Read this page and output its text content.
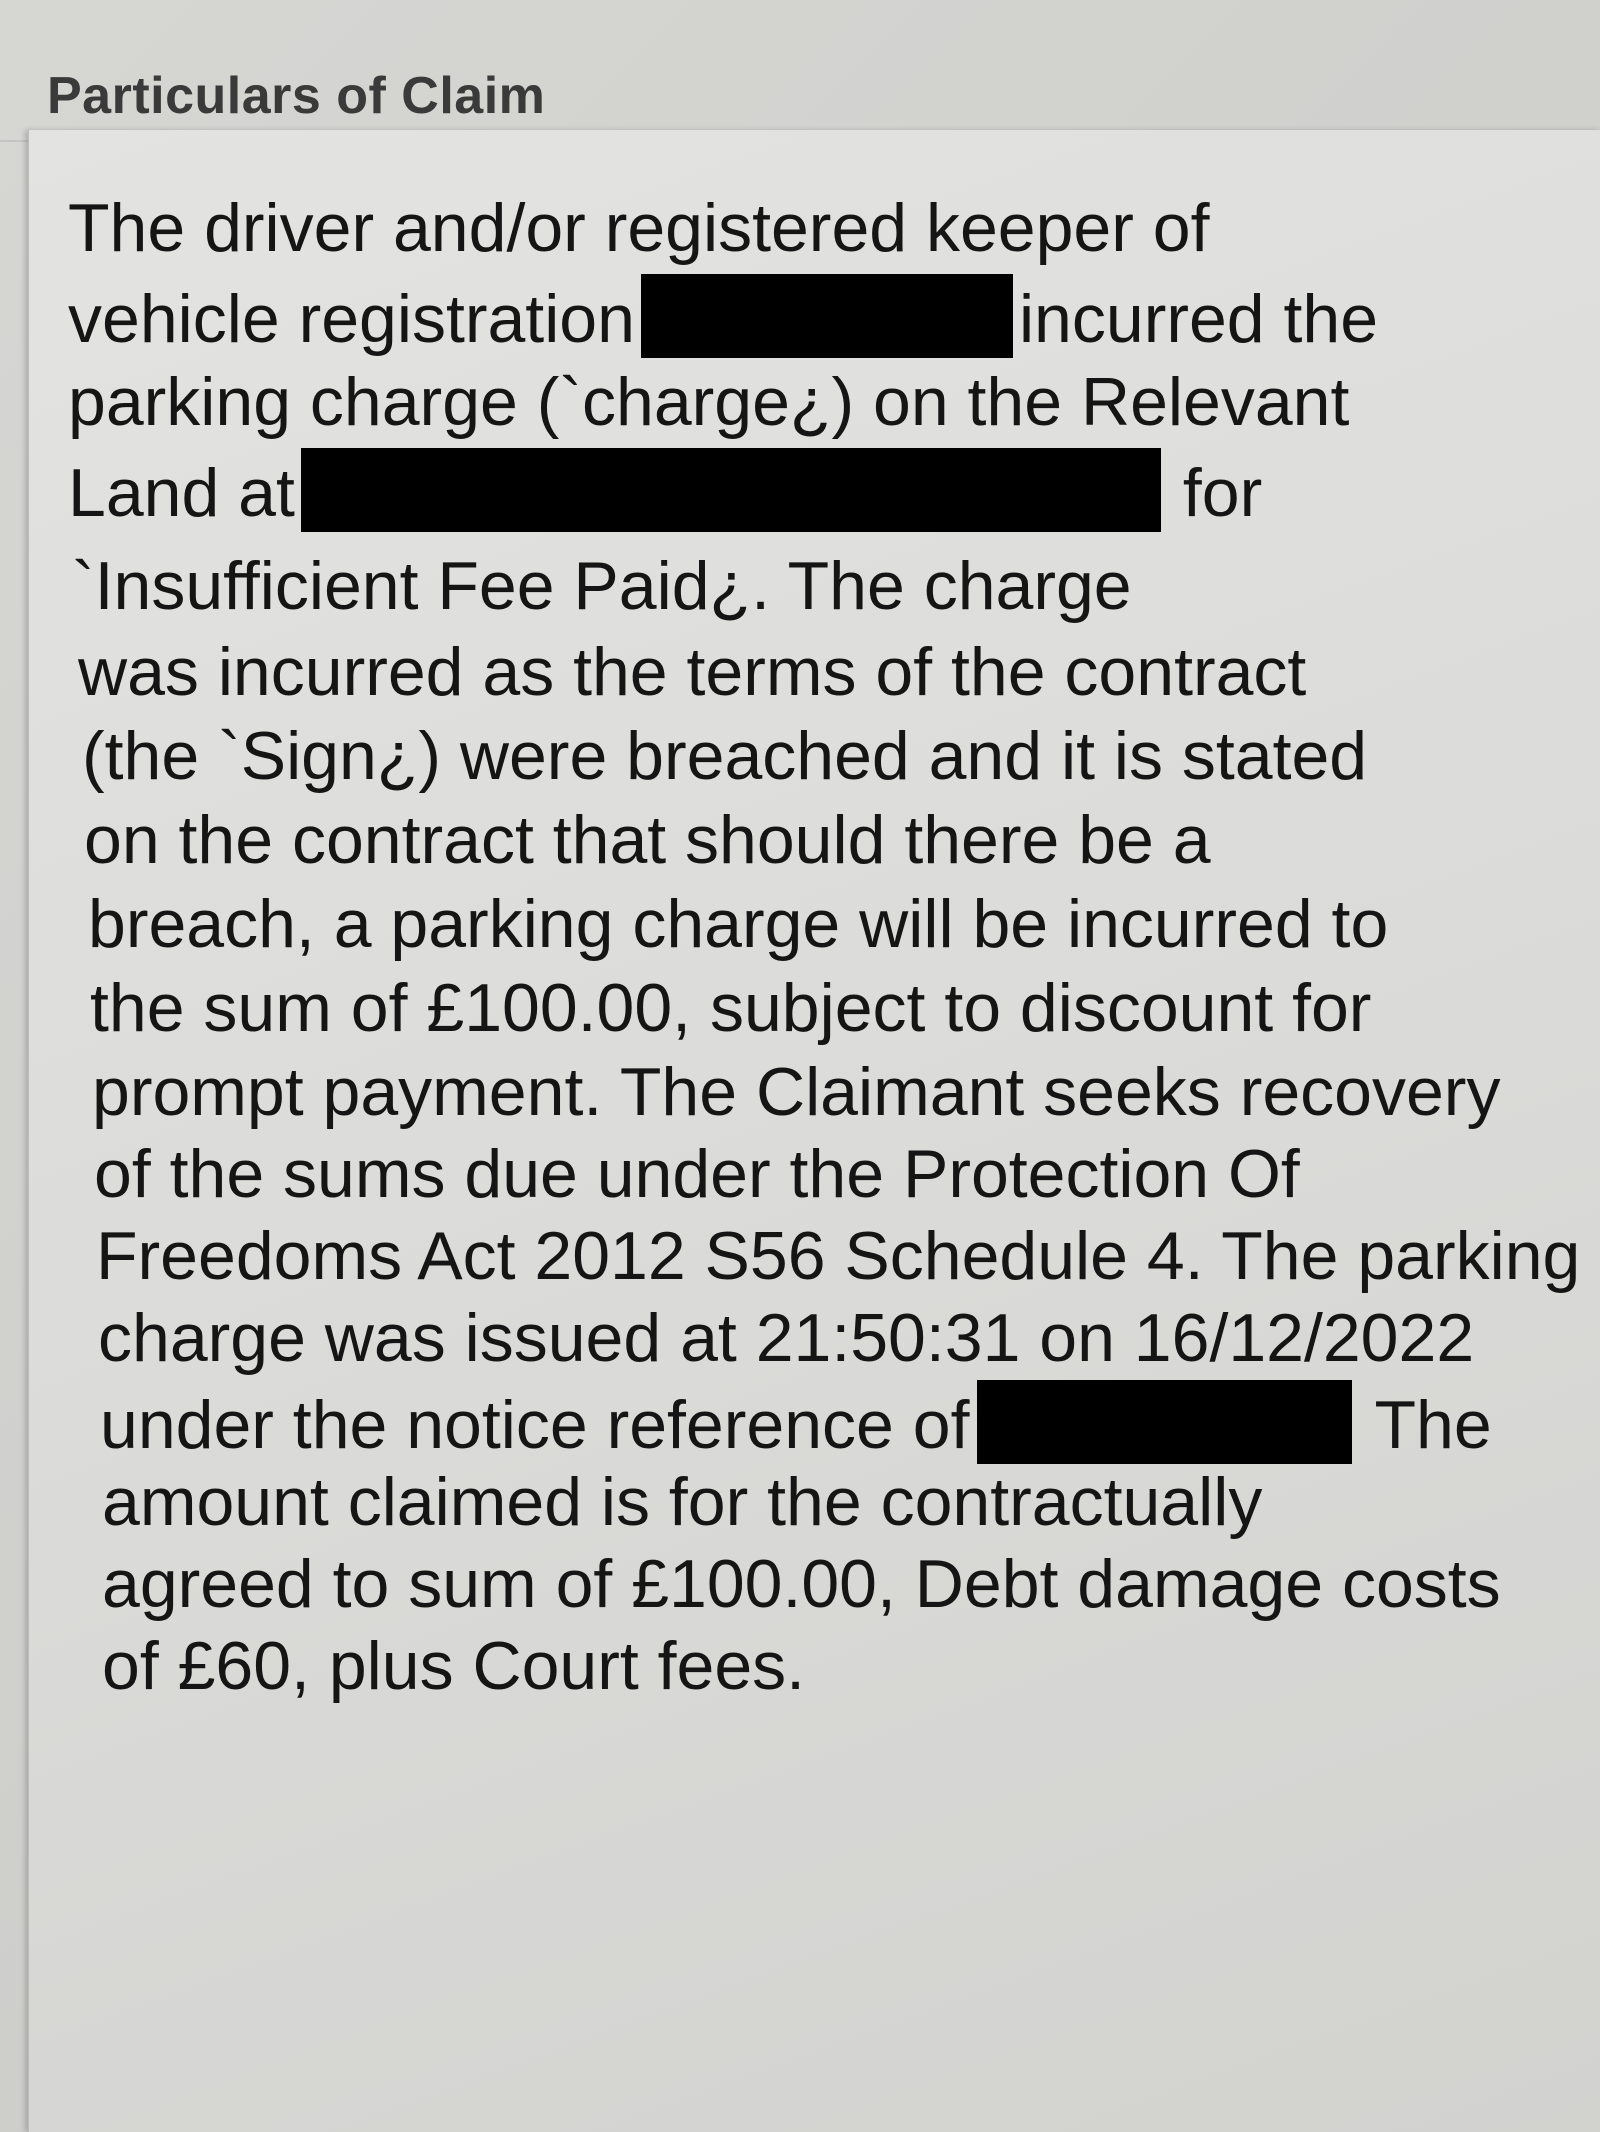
Particulars of Claim
The driver and/or registered keeper of
vehicle registration	incurred the
parking charge (`charge¿) on the Relevant
Land at	for
`Insufficient Fee Paid¿. The charge
was incurred as the terms of the contract
(the `Sign¿) were breached and it is stated
on the contract that should there be a
breach, a parking charge will be incurred to
the sum of £100.00, subject to discount for
prompt payment. The Claimant seeks recovery
of the sums due under the Protection Of
Freedoms Act 2012 S56 Schedule 4. The parking
charge was issued at 21:50:31 on 16/12/2022
under the notice reference of	The
amount claimed is for the contractually
agreed to sum of £100.00, Debt damage costs
of £60, plus Court fees.
